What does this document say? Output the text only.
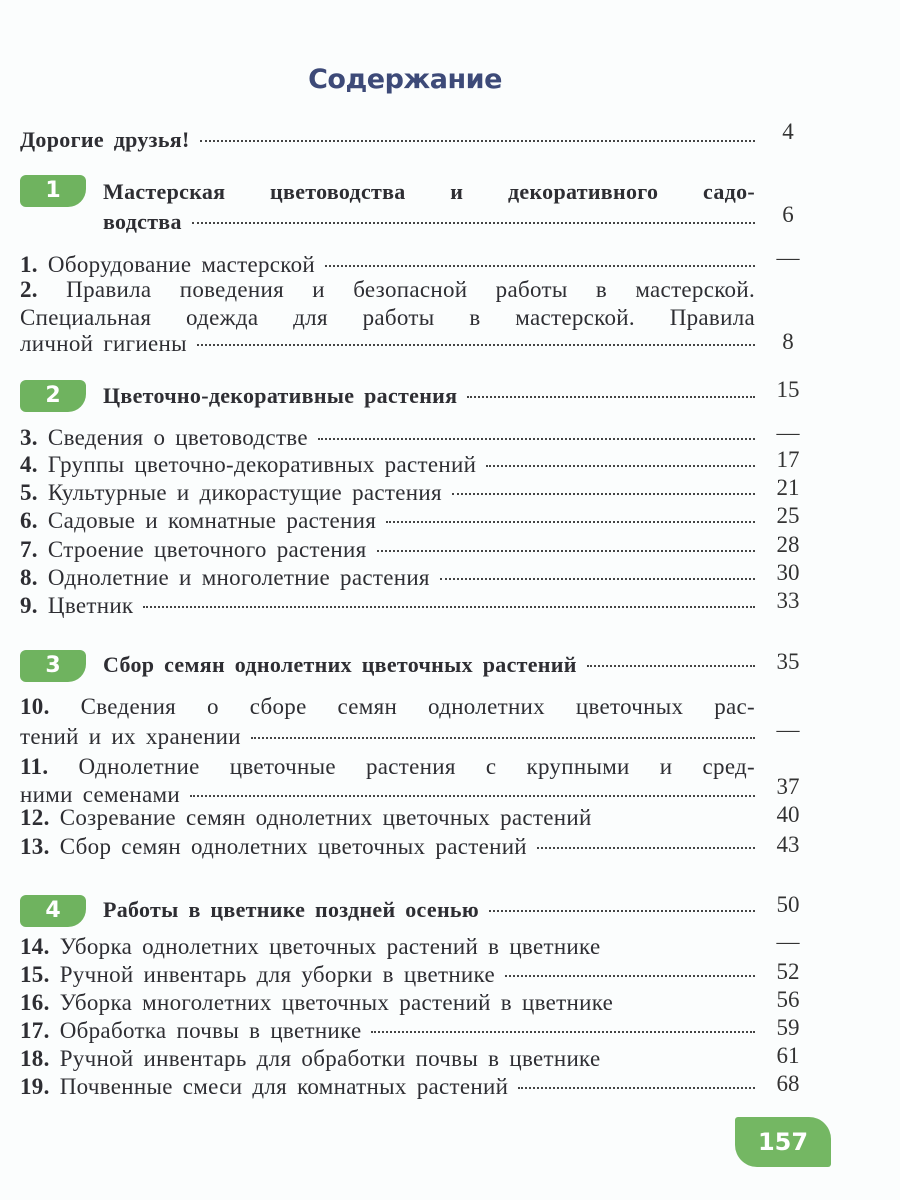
Содержание
Дорогие друзья!	4
1	Мастерская цветоводства и декоративного садо-
водства	6
1.
Оборудование мастерской	—
2. Правила поведения и безопасной работы в мастерской.
Специальная одежда для работы в мастерской. Правила
личной гигиены	8
2	Цветочно-декоративные растения	15
3.
Сведения о цветоводстве	—
4.
Группы цветочно-декоративных растений	17
5.
Культурные и дикорастущие растения	21
6.
Садовые и комнатные растения	25
7.
Строение цветочного растения	28
8.
Однолетние и многолетние растения	30
9.
Цветник	33
3	Сбор семян однолетних цветочных растений	35
10. Сведения о сборе семян однолетних цветочных рас-
тений и их хранении	—
11. Однолетние цветочные растения с крупными и сред-
ними семенами	37
12.
Созревание семян однолетних цветочных растений	40
13.
Сбор семян однолетних цветочных растений	43
4	Работы в цветнике поздней осенью	50
14.
Уборка однолетних цветочных растений в цветнике	—
15.
Ручной инвентарь для уборки в цветнике	52
16.
Уборка многолетних цветочных растений в цветнике	56
17.
Обработка почвы в цветнике	59
18.
Ручной инвентарь для обработки почвы в цветнике	61
19.
Почвенные смеси для комнатных растений	68
157
